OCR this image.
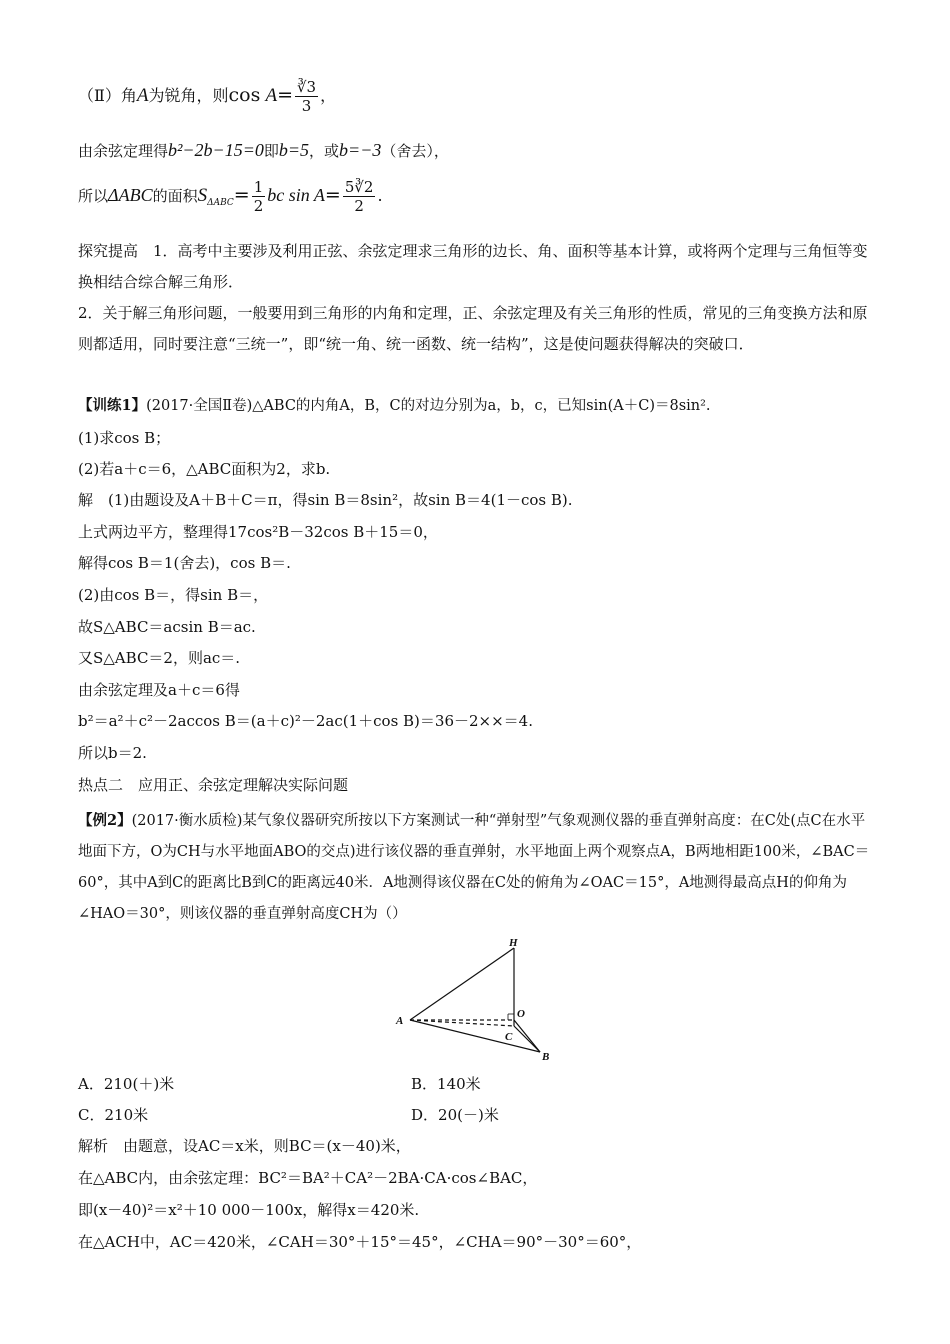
（Ⅱ）角A为锐角，则$\cos A= \frac{∛3}{3}$ ，
由余弦定理得b²−2b−15=0即b=5，或b=−3（舍去），
所以ΔABC的面积$S_{\Delta ABC}= \frac{1}{2}$ bc $\sin A= \frac{5∛2}{2}$ .
探究提高　1．高考中主要涉及利用正弦、余弦定理求三角形的边长、角、面积等基本计算，或将两个定理与三角恒等变换相结合综合解三角形．
2．关于解三角形问题，一般要用到三角形的内角和定理，正、余弦定理及有关三角形的性质，常见的三角变换方法和原则都适用，同时要注意“三统一”，即“统一角、统一函数、统一结构”，这是使问题获得解决的突破口．
【训练1】(2017·全国Ⅱ卷)△ABC的内角A，B，C的对边分别为a，b，c，已知sin(A＋C)＝8sin².
(1)求cos B；
(2)若a＋c＝6，△ABC面积为2，求b.
解　(1)由题设及A＋B＋C＝π，得sin B＝8sin²，故sin B＝4(1－cos B).
上式两边平方，整理得17cos²B－32cos B＋15＝0，
解得cos B＝1(舍去)，cos B＝.
(2)由cos B＝，得sin B＝，
故S△ABC＝acsin B＝ac.
又S△ABC＝2，则ac＝.
由余弦定理及a＋c＝6得
b²＝a²＋c²－2accos B＝(a＋c)²－2ac(1＋cos B)＝36－2××＝4.
所以b＝2.
热点二　应用正、余弦定理解决实际问题
【例2】(2017·衡水质检)某气象仪器研究所按以下方案测试一种“弹射型”气象观测仪器的垂直弹射高度：在C处(点C在水平地面下方，O为CH与水平地面ABO的交点)进行该仪器的垂直弹射，水平地面上两个观察点A，B两地相距100米，∠BAC＝60°，其中A到C的距离比B到C的距离远40米．A地测得该仪器在C处的俯角为∠OAC＝15°，A地测得最高点H的仰角为∠HAO＝30°，则该仪器的垂直弹射高度CH为（）
H
O
A
C
B
A．210(＋)米	B．140米
C．210米	D．20(－)米
解析　由题意，设AC＝x米，则BC＝(x－40)米，
在△ABC内，由余弦定理：BC²＝BA²＋CA²－2BA·CA·cos∠BAC，
即(x－40)²＝x²＋10 000－100x，解得x＝420米.
在△ACH中，AC＝420米，∠CAH＝30°＋15°＝45°，∠CHA＝90°－30°＝60°，
